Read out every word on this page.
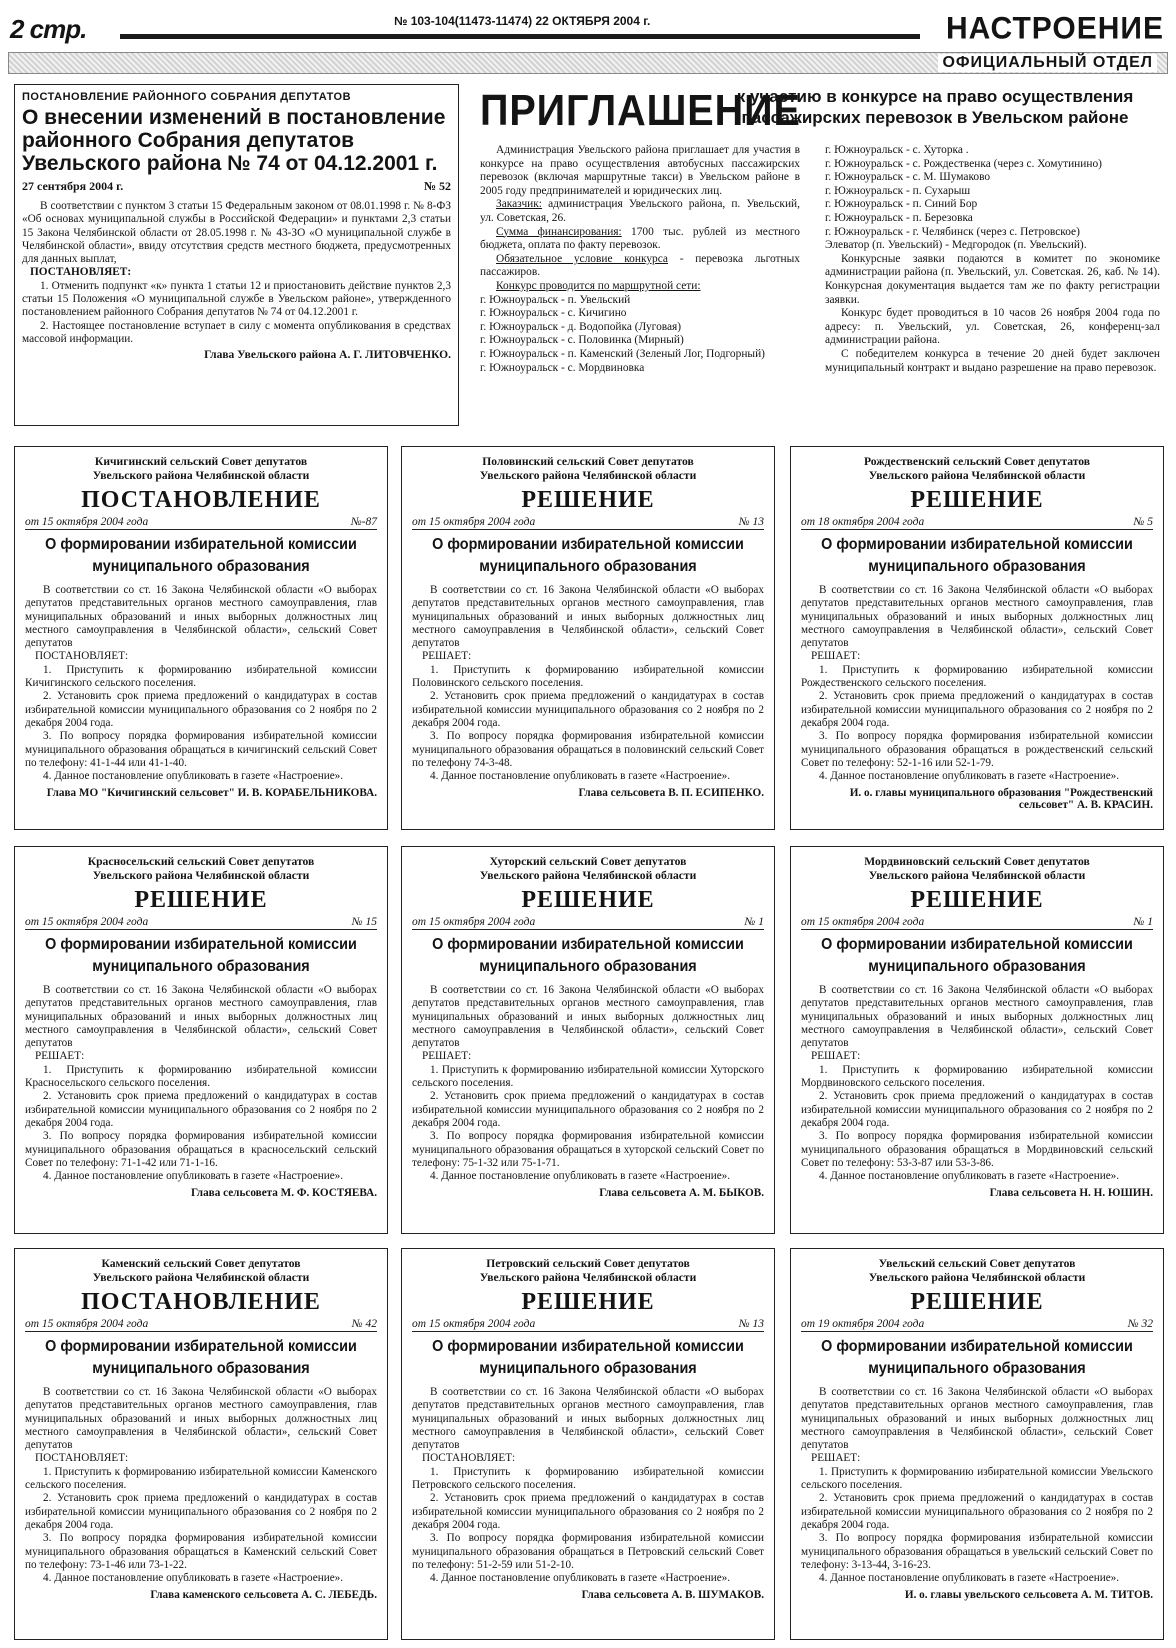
2 стр.	№ 103-104(11473-11474) 22 ОКТЯБРЯ 2004 г.	НАСТРОЕНИЕ
ОФИЦИАЛЬНЫЙ ОТДЕЛ
ПОСТАНОВЛЕНИЕ РАЙОННОГО СОБРАНИЯ ДЕПУТАТОВ
О внесении изменений в постановление районного Собрания депутатов Увельского района № 74 от 04.12.2001 г.
27 сентября 2004 г.	№ 52

В соответствии с пунктом 3 статьи 15 Федеральным законом от 08.01.1998 г. № 8-ФЗ «Об основах муниципальной службы в Российской Федерации» и пунктами 2,3 статьи 15 Закона Челябинской области от 28.05.1998 г. № 43-ЗО «О муниципальной службе в Челябинской области», ввиду отсутствия средств местного бюджета, предусмотренных для данных выплат,

ПОСТАНОВЛЯЕТ:

1. Отменить подпункт «к» пункта 1 статьи 12 и приостановить действие пунктов 2,3 статьи 15 Положения «О муниципальной службе в Увельском районе», утвержденного постановлением районного Собрания депутатов № 74 от 04.12.2001 г.

2. Настоящее постановление вступает в силу с момента опубликования в средствах массовой информации.

Глава Увельского района А. Г. ЛИТОВЧЕНКО.
ПРИГЛАШЕНИЕ
к участию в конкурсе на право осуществления пассажирских перевозок в Увельском районе

Администрация Увельского района приглашает для участия в конкурсе на право осуществления автобусных пассажирских перевозок (включая маршрутные такси) в Увельском районе в 2005 году предпринимателей и юридических лиц.

Заказчик: администрация Увельского района, п. Увельский, ул. Советская, 26.

Сумма финансирования: 1700 тыс. рублей из местного бюджета, оплата по факту перевозок.

Обязательное условие конкурса - перевозка льготных пассажиров.

Конкурс проводится по маршрутной сети:

г. Южноуральск - п. Увельский
г. Южноуральск - с. Кичигино
г. Южноуральск - д. Водопойка (Луговая)
г. Южноуральск - с. Половинка (Мирный)
г. Южноуральск - п. Каменский (Зеленый Лог, Подгорный)
г. Южноуральск - с. Мордвиновка
г. Южноуральск - с. Хуторка .
г. Южноуральск - с. Рождественка (через с. Хомутинино)
г. Южноуральск - с. М. Шумаково
г. Южноуральск - п. Сухарыш
г. Южноуральск - п. Синий Бор
г. Южноуральск - п. Березовка
г. Южноуральск - г. Челябинск (через с. Петровское)
Элеватор (п. Увельский) - Медгородок (п. Увельский).

Конкурсные заявки подаются в комитет по экономике администрации района (п. Увельский, ул. Советская. 26, каб. № 14). Конкурсная документация выдается там же по факту регистрации заявки.

Конкурс будет проводиться в 10 часов 26 ноября 2004 года по адресу: п. Увельский, ул. Советская, 26, конференц-зал администрации района.

С победителем конкурса в течение 20 дней будет заключен муниципальный контракт и выдано разрешение на право перевозок.

Кичигинский сельский Совет депутатов
Увельского района Челябинской области
ПОСТАНОВЛЕНИЕ
от 15 октября 2004 года	№-87
О формировании избирательной комиссии муниципального образования

В соответствии со ст. 16 Закона Челябинской области «О выборах депутатов представительных органов местного самоуправления, глав муниципальных образований и иных выборных должностных лиц местного самоуправления в Челябинской области», сельский Совет депутатов

ПОСТАНОВЛЯЕТ:

1. Приступить к формированию избирательной комиссии Кичигинского сельского поселения.

2. Установить срок приема предложений о кандидатурах в состав избирательной комиссии муниципального образования со 2 ноября по 2 декабря 2004 года.

3. По вопросу порядка формирования избирательной комиссии муниципального образования обращаться в кичигинский сельский Совет по телефону: 41-1-44 или 41-1-40.

4. Данное постановление опубликовать в газете «Настроение».

Глава МО "Кичигинский сельсовет" И. В. КОРАБЕЛЬНИКОВА.
Половинский сельский Совет депутатов
Увельского района Челябинской области
РЕШЕНИЕ
от 15 октября 2004 года	№ 13
О формировании избирательной комиссии муниципального образования

В соответствии со ст. 16 Закона Челябинской области «О выборах депутатов представительных органов местного самоуправления, глав муниципальных образований и иных выборных должностных лиц местного самоуправления в Челябинской области», сельский Совет депутатов

РЕШАЕТ:

1. Приступить к формированию избирательной комиссии Половинского сельского поселения.

2. Установить срок приема предложений о кандидатурах в состав избирательной комиссии муниципального образования со 2 ноября по 2 декабря 2004 года.

3. По вопросу порядка формирования избирательной комиссии муниципального образования обращаться в половинский сельский Совет по телефону 74-3-48.

4. Данное постановление опубликовать в газете «Настроение».

Глава сельсовета В. П. ЕСИПЕНКО.
Рождественский сельский Совет депутатов
Увельского района Челябинской области
РЕШЕНИЕ
от 18 октября 2004 года	№ 5
О формировании избирательной комиссии муниципального образования

В соответствии со ст. 16 Закона Челябинской области «О выборах депутатов представительных органов местного самоуправления, глав муниципальных образований и иных выборных должностных лиц местного самоуправления в Челябинской области», сельский Совет депутатов

РЕШАЕТ:

1. Приступить к формированию избирательной комиссии Рождественского сельского поселения.

2. Установить срок приема предложений о кандидатурах в состав избирательной комиссии муниципального образования со 2 ноября по 2 декабря 2004 года.

3. По вопросу порядка формирования избирательной комиссии муниципального образования обращаться в рождественский сельский Совет по телефону: 52-1-16 или 52-1-79.

4. Данное постановление опубликовать в газете «Настроение».

И. о. главы муниципального образования "Рождественский сельсовет" А. В. КРАСИН.
Красносельский сельский Совет депутатов
Увельского района Челябинской области
РЕШЕНИЕ
от 15 октября 2004 года	№ 15
О формировании избирательной комиссии муниципального образования

В соответствии со ст. 16 Закона Челябинской области «О выборах депутатов представительных органов местного самоуправления, глав муниципальных образований и иных выборных должностных лиц местного самоуправления в Челябинской области», сельский Совет депутатов

РЕШАЕТ:

1. Приступить к формированию избирательной комиссии Красносельского сельского поселения.

2. Установить срок приема предложений о кандидатурах в состав избирательной комиссии муниципального образования со 2 ноября по 2 декабря 2004 года.

3. По вопросу порядка формирования избирательной комиссии муниципального образования обращаться в красносельский сельский Совет по телефону: 71-1-42 или 71-1-16.

4. Данное постановление опубликовать в газете «Настроение».

Глава сельсовета М. Ф. КОСТЯЕВА.
Хуторский сельский Совет депутатов
Увельского района Челябинской области
РЕШЕНИЕ
от 15 октября 2004 года	№ 1
О формировании избирательной комиссии муниципального образования

В соответствии со ст. 16 Закона Челябинской области «О выборах депутатов представительных органов местного самоуправления, глав муниципальных образований и иных выборных должностных лиц местного самоуправления в Челябинской области», сельский Совет депутатов

РЕШАЕТ:

1. Приступить к формированию избирательной комиссии Хуторского сельского поселения.

2. Установить срок приема предложений о кандидатурах в состав избирательной комиссии муниципального образования со 2 ноября по 2 декабря 2004 года.

3. По вопросу порядка формирования избирательной комиссии муниципального образования обращаться в хуторской сельский Совет по телефону: 75-1-32 или 75-1-71.

4. Данное постановление опубликовать в газете «Настроение».

Глава сельсовета А. М. БЫКОВ.
Мордвиновский сельский Совет депутатов
Увельского района Челябинской области
РЕШЕНИЕ
от 15 октября 2004 года	№ 1
О формировании избирательной комиссии муниципального образования

В соответствии со ст. 16 Закона Челябинской области «О выборах депутатов представительных органов местного самоуправления, глав муниципальных образований и иных выборных должностных лиц местного самоуправления в Челябинской области», сельский Совет депутатов

РЕШАЕТ:

1. Приступить к формированию избирательной комиссии Мордвиновского сельского поселения.

2. Установить срок приема предложений о кандидатурах в состав избирательной комиссии муниципального образования со 2 ноября по 2 декабря 2004 года.

3. По вопросу порядка формирования избирательной комиссии муниципального образования обращаться в Мордвиновский сельский Совет по телефону: 53-3-87 или 53-3-86.

4. Данное постановление опубликовать в газете «Настроение».

Глава сельсовета Н. Н. ЮШИН.
Каменский сельский Совет депутатов
Увельского района Челябинской области
ПОСТАНОВЛЕНИЕ
от 15 октября 2004 года	№ 42
О формировании избирательной комиссии муниципального образования

В соответствии со ст. 16 Закона Челябинской области «О выборах депутатов представительных органов местного самоуправления, глав муниципальных образований и иных выборных должностных лиц местного самоуправления в Челябинской области», сельский Совет депутатов

ПОСТАНОВЛЯЕТ:

1. Приступить к формированию избирательной комиссии Каменского сельского поселения.

2. Установить срок приема предложений о кандидатурах в состав избирательной комиссии муниципального образования со 2 ноября по 2 декабря 2004 года.

3. По вопросу порядка формирования избирательной комиссии муниципального образования обращаться в Каменский сельский Совет по телефону: 73-1-46 или 73-1-22.

4. Данное постановление опубликовать в газете «Настроение».

Глава каменского сельсовета А. С. ЛЕБЕДЬ.
Петровский сельский Совет депутатов
Увельского района Челябинской области
РЕШЕНИЕ
от 15 октября 2004 года	№ 13
О формировании избирательной комиссии муниципального образования

В соответствии со ст. 16 Закона Челябинской области «О выборах депутатов представительных органов местного самоуправления, глав муниципальных образований и иных выборных должностных лиц местного самоуправления в Челябинской области», сельский Совет депутатов

ПОСТАНОВЛЯЕТ:

1. Приступить к формированию избирательной комиссии Петровского сельского поселения.

2. Установить срок приема предложений о кандидатурах в состав избирательной комиссии муниципального образования со 2 ноября по 2 декабря 2004 года.

3. По вопросу порядка формирования избирательной комиссии муниципального образования обращаться в Петровский сельский Совет по телефону: 51-2-59 или 51-2-10.

4. Данное постановление опубликовать в газете «Настроение».

Глава сельсовета А. В. ШУМАКОВ.
Увельский сельский Совет депутатов
Увельского района Челябинской области
РЕШЕНИЕ
от 19 октября 2004 года	№ 32
О формировании избирательной комиссии муниципального образования

В соответствии со ст. 16 Закона Челябинской области «О выборах депутатов представительных органов местного самоуправления, глав муниципальных образований и иных выборных должностных лиц местного самоуправления в Челябинской области», сельский Совет депутатов

РЕШАЕТ:

1. Приступить к формированию избирательной комиссии Увельского сельского поселения.

2. Установить срок приема предложений о кандидатурах в состав избирательной комиссии муниципального образования со 2 ноября по 2 декабря 2004 года.

3. По вопросу порядка формирования избирательной комиссии муниципального образования обращаться в увельский сельский Совет по телефону: 3-13-44, 3-16-23.

4. Данное постановление опубликовать в газете «Настроение».

И. о. главы увельского сельсовета А. М. ТИТОВ.
